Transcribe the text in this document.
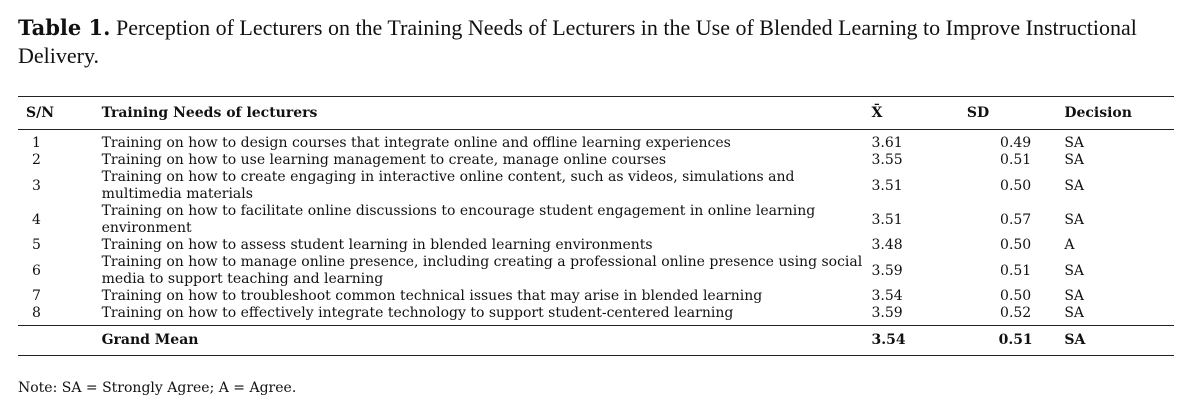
Table 1. Perception of Lecturers on the Training Needs of Lecturers in the Use of Blended Learning to Improve Instructional Delivery.
S/N	Training Needs of lecturers	X̄	SD	Decision
1	Training on how to design courses that integrate online and offline learning experiences	3.61	0.49	SA
2	Training on how to use learning management to create, manage online courses	3.55	0.51	SA
3	Training on how to create engaging in interactive online content, such as videos, simulations and multimedia materials	3.51	0.50	SA
4	Training on how to facilitate online discussions to encourage student engagement in online learning environment	3.51	0.57	SA
5	Training on how to assess student learning in blended learning environments	3.48	0.50	A
6	Training on how to manage online presence, including creating a professional online presence using social media to support teaching and learning	3.59	0.51	SA
7	Training on how to troubleshoot common technical issues that may arise in blended learning	3.54	0.50	SA
8	Training on how to effectively integrate technology to support student-centered learning	3.59	0.52	SA
	Grand Mean	3.54	0.51	SA
Note: SA = Strongly Agree; A = Agree.
